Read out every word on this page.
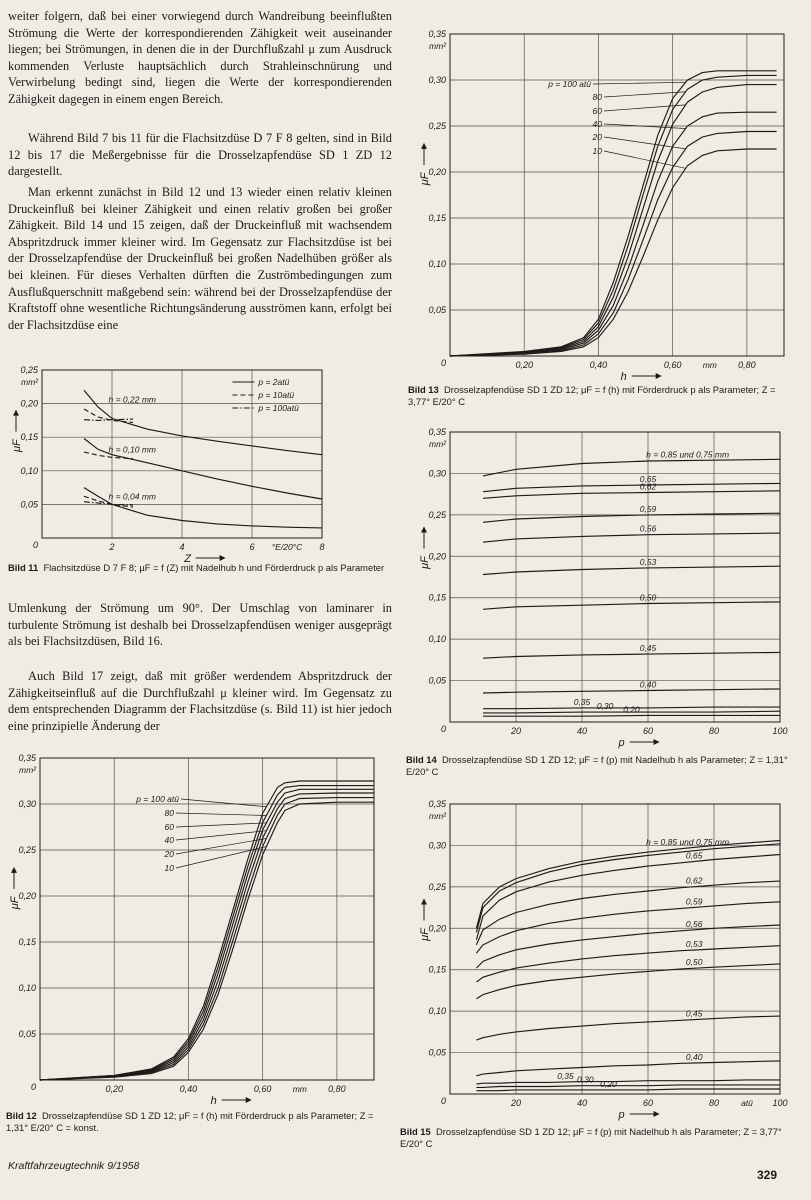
weiter folgern, daß bei einer vorwiegend durch Wandreibung beeinflußten Strömung die Werte der korrespondierenden Zähigkeit weit auseinander liegen; bei Strömungen, in denen die in der Durchflußzahl μ zum Ausdruck kommenden Verluste hauptsächlich durch Strahleinschnürung und Verwirbelung bedingt sind, liegen die Werte der korrespondierenden Zähigkeit dagegen in einem engen Bereich.

Während Bild 7 bis 11 für die Flachsitzdüse D 7 F 8 gelten, sind in Bild 12 bis 17 die Meßergebnisse für die Drosselzapfendüse SD 1 ZD 12 dargestellt.

Man erkennt zunächst in Bild 12 und 13 wieder einen relativ kleinen Druckeinfluß bei kleiner Zähigkeit und einen relativ großen bei großer Zähigkeit. Bild 14 und 15 zeigen, daß der Druckeinfluß mit wachsendem Abspritzdruck immer kleiner wird. Im Gegensatz zur Flachsitzdüse ist bei der Drosselzapfendüse der Druckeinfluß bei großen Nadelhüben größer als bei kleinen. Für dieses Verhalten dürften die Zuströmbedingungen zum Ausflußquerschnitt maßgebend sein: während bei der Drosselzapfendüse der Kraftstoff ohne wesentliche Richtungsänderung ausströmen kann, erfolgt bei der Flachsitzdüse eine

2	4	6	8
0,05
0,10
0,15
0,20
0,25
0
mm²
μF
Z
°E/20°C
p = 2atü
p = 10atü
p = 100atü
h = 0,22 mm
h = 0,10 mm
h = 0,04 mm

Bild 11 Flachsitzdüse D 7 F 8; μF = f (Z) mit Nadelhub h und Förderdruck p als Parameter

Umlenkung der Strömung um 90°. Der Umschlag von laminarer in turbulente Strömung ist deshalb bei Drosselzapfendüsen weniger ausgeprägt als bei Flachsitzdüsen, Bild 16.

Auch Bild 17 zeigt, daß mit größer werdendem Abspritzdruck der Zähigkeitseinfluß auf die Durchflußzahl μ kleiner wird. Im Gegensatz zu dem entsprechenden Diagramm der Flachsitzdüse (s. Bild 11) ist hier jedoch eine prinzipielle Änderung der

0,20	0,40	0,60	0,80
0,05
0,10
0,15
0,20
0,25
0,30
0,35
0
mm²
μF
h
mm
p = 100 atü
80
60
40
20
10

Bild 12 Drosselzapfendüse SD 1 ZD 12; μF = f (h) mit Förderdruck p als Parameter; Z = 1,31° E/20° C = konst.

0,20	0,40	0,60	0,80
0,05
0,10
0,15
0,20
0,25
0,30
0,35
0
mm²
μF
h
mm
p = 100 atü
80
60
40
20
10

Bild 13 Drosselzapfendüse SD 1 ZD 12; μF = f (h) mit Förderdruck p als Parameter; Z = 3,77° E/20° C

20	40	60	80	100
0,05
0,10
0,15
0,20
0,25
0,30
0,35
0
mm²
μF
p
h = 0,85 und 0,75 mm
0,65
0,62
0,59
0,56
0,53
0,50
0,45
0,40
0,35 0,30 0,20

Bild 14 Drosselzapfendüse SD 1 ZD 12; μF = f (p) mit Nadelhub h als Parameter; Z = 1,31° E/20° C

20	40	60	80	100
0,05
0,10
0,15
0,20
0,25
0,30
0,35
0
mm²
μF
p
atü
h = 0,85 und 0,75 mm
0,65
0,62
0,59
0,56
0,53
0,50
0,45
0,40
0,35 0,30 0,20

Bild 15 Drosselzapfendüse SD 1 ZD 12; μF = f (p) mit Nadelhub h als Parameter; Z = 3,77° E/20° C

Kraftfahrzeugtechnik 9/1958
329
